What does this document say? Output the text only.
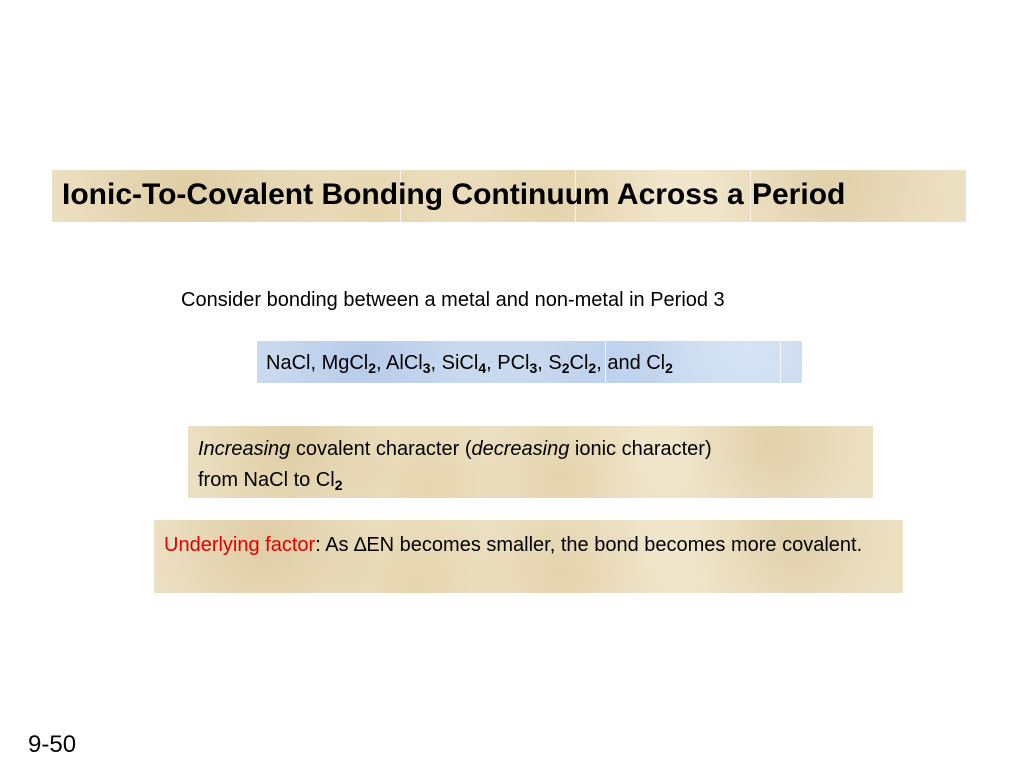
Ionic-To-Covalent Bonding Continuum Across a Period
Consider bonding between a metal and non-metal in Period 3
NaCl, MgCl$_2$, AlCl$_3$, SiCl$_4$, PCl$_3$, $S_2Cl_2$, and $Cl_2$
Increasing covalent character (decreasing ionic character)
from NaCl to $Cl_2$
Underlying factor: As ∆EN becomes smaller, the bond becomes more covalent.
9-50
